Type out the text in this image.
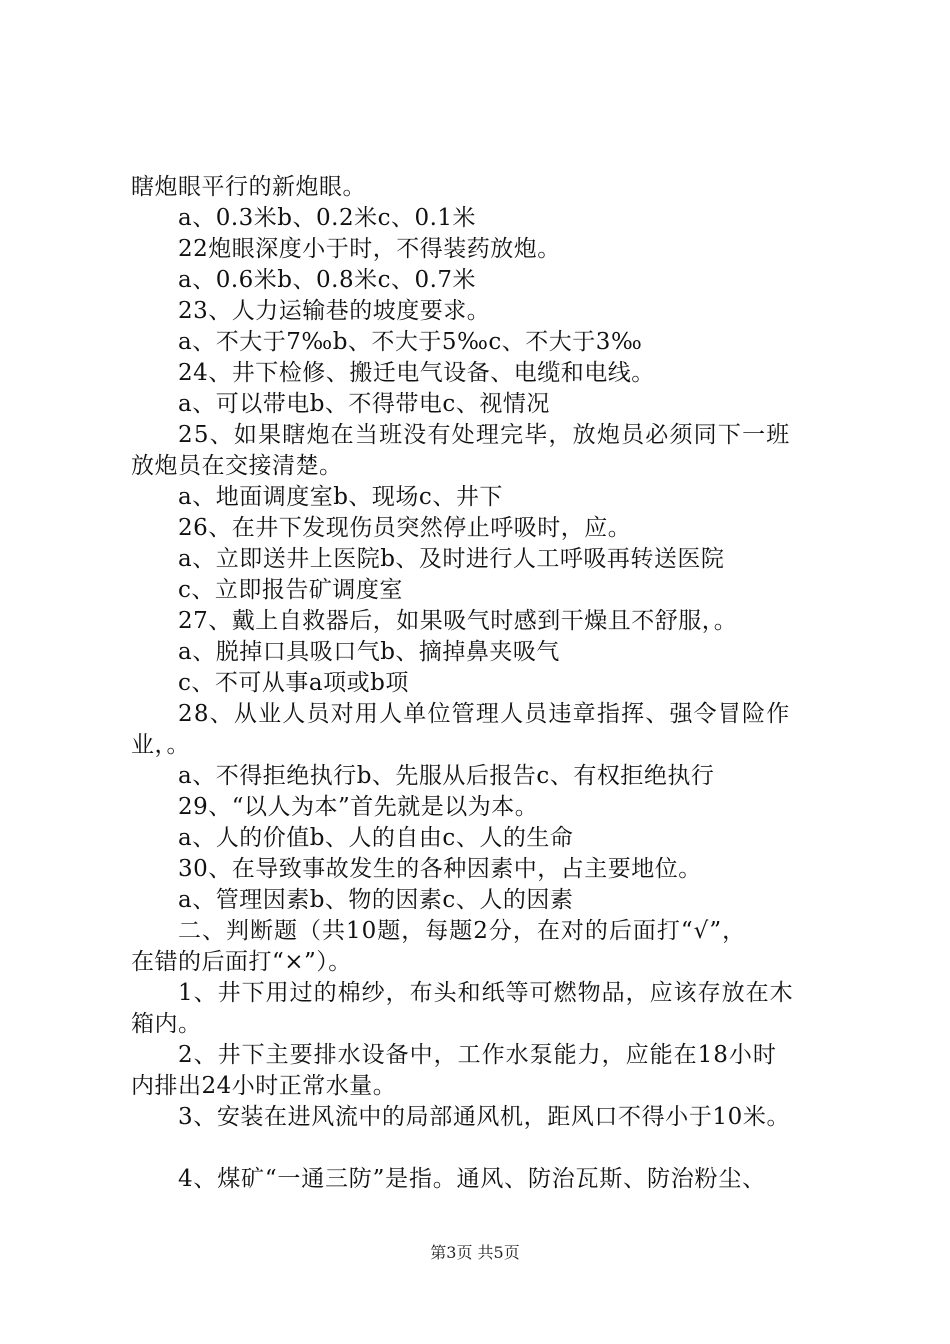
瞎炮眼平行的新炮眼。
a、0.3米b、0.2米c、0.1米
22炮眼深度小于时，不得装药放炮。
a、0.6米b、0.8米c、0.7米
23、人力运输巷的坡度要求。
a、不大于7‰b、不大于5‰c、不大于3‰
24、井下检修、搬迁电气设备、电缆和电线。
a、可以带电b、不得带电c、视情况
25、如果瞎炮在当班没有处理完毕，放炮员必须同下一班
放炮员在交接清楚。
a、地面调度室b、现场c、井下
26、在井下发现伤员突然停止呼吸时，应。
a、立即送井上医院b、及时进行人工呼吸再转送医院
c、立即报告矿调度室
27、戴上自救器后，如果吸气时感到干燥且不舒服，。
a、脱掉口具吸口气b、摘掉鼻夹吸气
c、不可从事a项或b项
28、从业人员对用人单位管理人员违章指挥、强令冒险作
业，。
a、不得拒绝执行b、先服从后报告c、有权拒绝执行
29、“以人为本”首先就是以为本。
a、人的价值b、人的自由c、人的生命
30、在导致事故发生的各种因素中，占主要地位。
a、管理因素b、物的因素c、人的因素
二、判断题（共10题，每题2分，在对的后面打“√”，
在错的后面打“×”）。
1、井下用过的棉纱，布头和纸等可燃物品，应该存放在木
箱内。
2、井下主要排水设备中，工作水泵能力，应能在18小时
内排出24小时正常水量。
3、安装在进风流中的局部通风机，距风口不得小于10米。
4、煤矿“一通三防”是指。通风、防治瓦斯、防治粉尘、
第3页 共5页
